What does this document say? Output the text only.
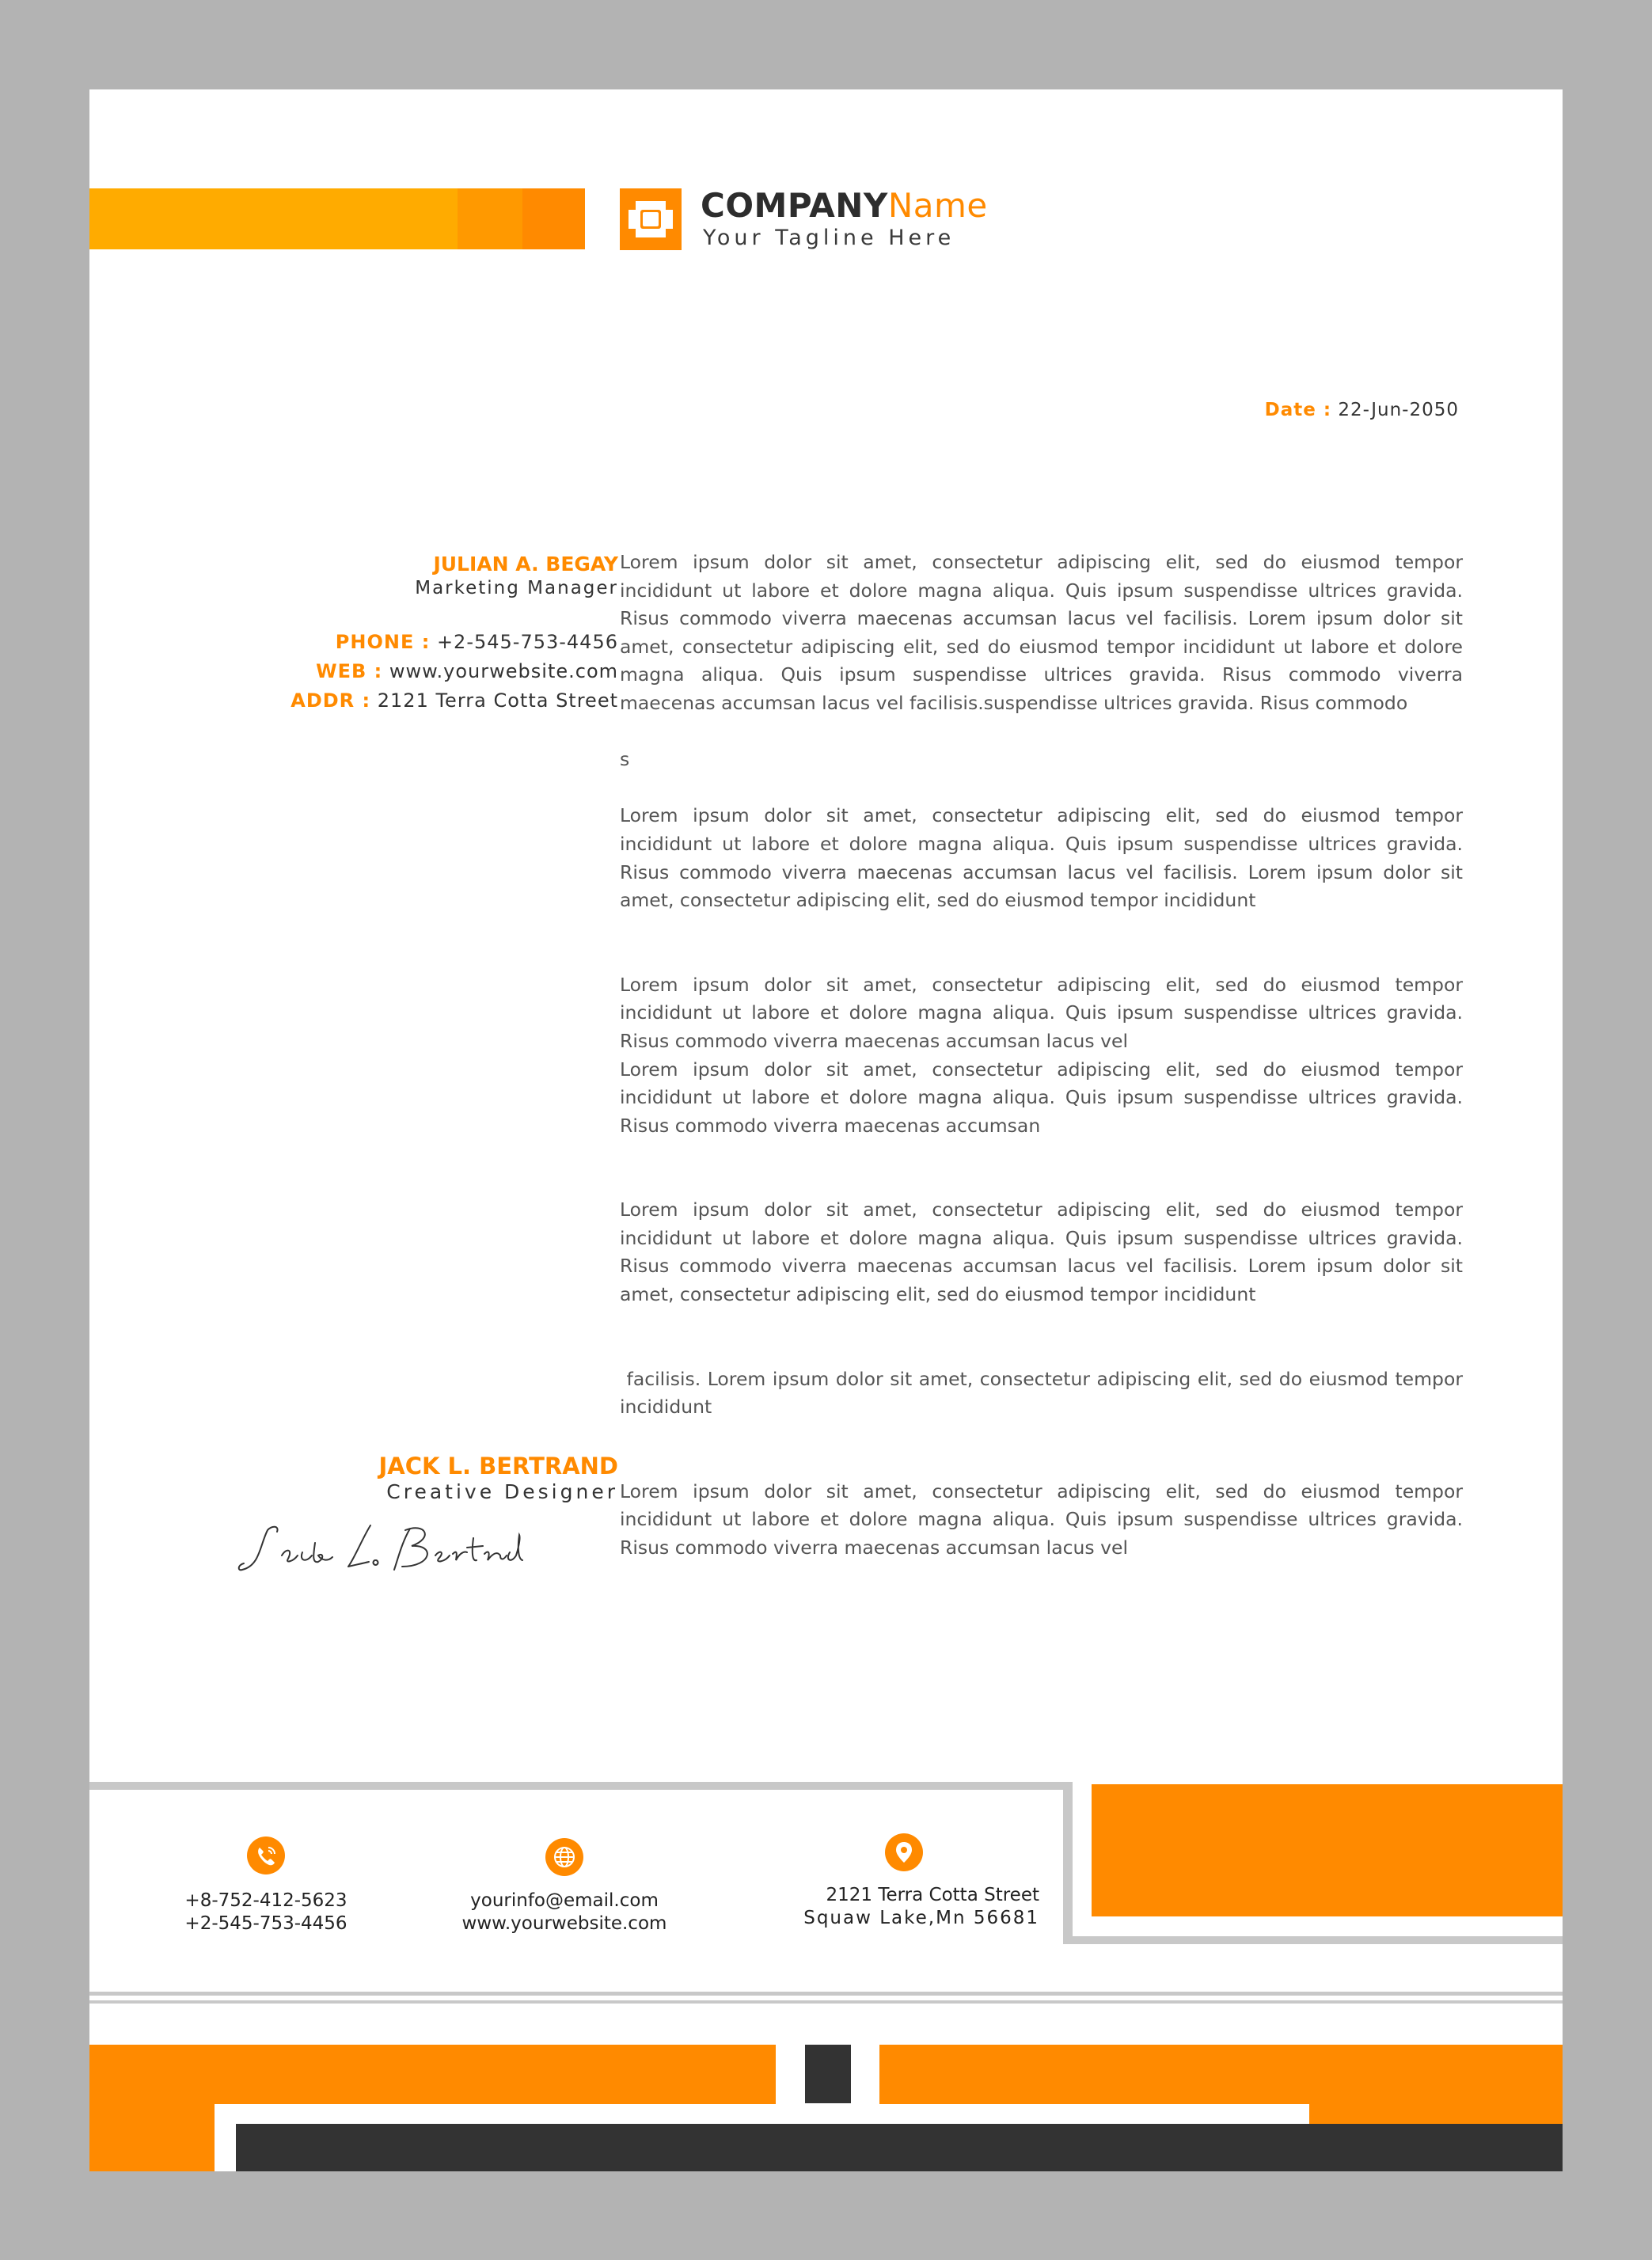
COMPANYName
Your Tagline Here
Date : 22-Jun-2050
JULIAN A. BEGAY
Marketing Manager
PHONE : +2-545-753-4456
WEB : www.yourwebsite.com
ADDR : 2121 Terra Cotta Street

Lorem ipsum dolor sit amet, consectetur adipiscing elit, sed do eiusmod tempor incididunt ut labore et dolore magna aliqua. Quis ipsum suspendisse ultrices gravida. Risus commodo viverra maecenas accumsan lacus vel facilisis. Lorem ipsum dolor sit amet, consectetur adipiscing elit, sed do eiusmod tempor incididunt ut labore et dolore magna aliqua. Quis ipsum suspendisse ultrices gravida. Risus commodo viverra maecenas accumsan lacus vel facilisis.suspendisse ultrices gravida. Risus commodo

s

Lorem ipsum dolor sit amet, consectetur adipiscing elit, sed do eiusmod tempor incididunt ut labore et dolore magna aliqua. Quis ipsum suspendisse ultrices gravida. Risus commodo viverra maecenas accumsan lacus vel facilisis. Lorem ipsum dolor sit amet, consectetur adipiscing elit, sed do eiusmod tempor incididunt

Lorem ipsum dolor sit amet, consectetur adipiscing elit, sed do eiusmod tempor incididunt ut labore et dolore magna aliqua. Quis ipsum suspendisse ultrices gravida. Risus commodo viverra maecenas accumsan lacus vel

Lorem ipsum dolor sit amet, consectetur adipiscing elit, sed do eiusmod tempor incididunt ut labore et dolore magna aliqua. Quis ipsum suspendisse ultrices gravida. Risus commodo viverra maecenas accumsan

Lorem ipsum dolor sit amet, consectetur adipiscing elit, sed do eiusmod tempor incididunt ut labore et dolore magna aliqua. Quis ipsum suspendisse ultrices gravida. Risus commodo viverra maecenas accumsan lacus vel facilisis. Lorem ipsum dolor sit amet, consectetur adipiscing elit, sed do eiusmod tempor incididunt

facilisis. Lorem ipsum dolor sit amet, consectetur adipiscing elit, sed do eiusmod tempor incididunt

Lorem ipsum dolor sit amet, consectetur adipiscing elit, sed do eiusmod tempor incididunt ut labore et dolore magna aliqua. Quis ipsum suspendisse ultrices gravida. Risus commodo viverra maecenas accumsan lacus vel

JACK L. BERTRAND
Creative Designer
+8-752-412-5623
+2-545-753-4456
yourinfo@email.com
www.yourwebsite.com
2121 Terra Cotta Street
Squaw Lake,Mn 56681
